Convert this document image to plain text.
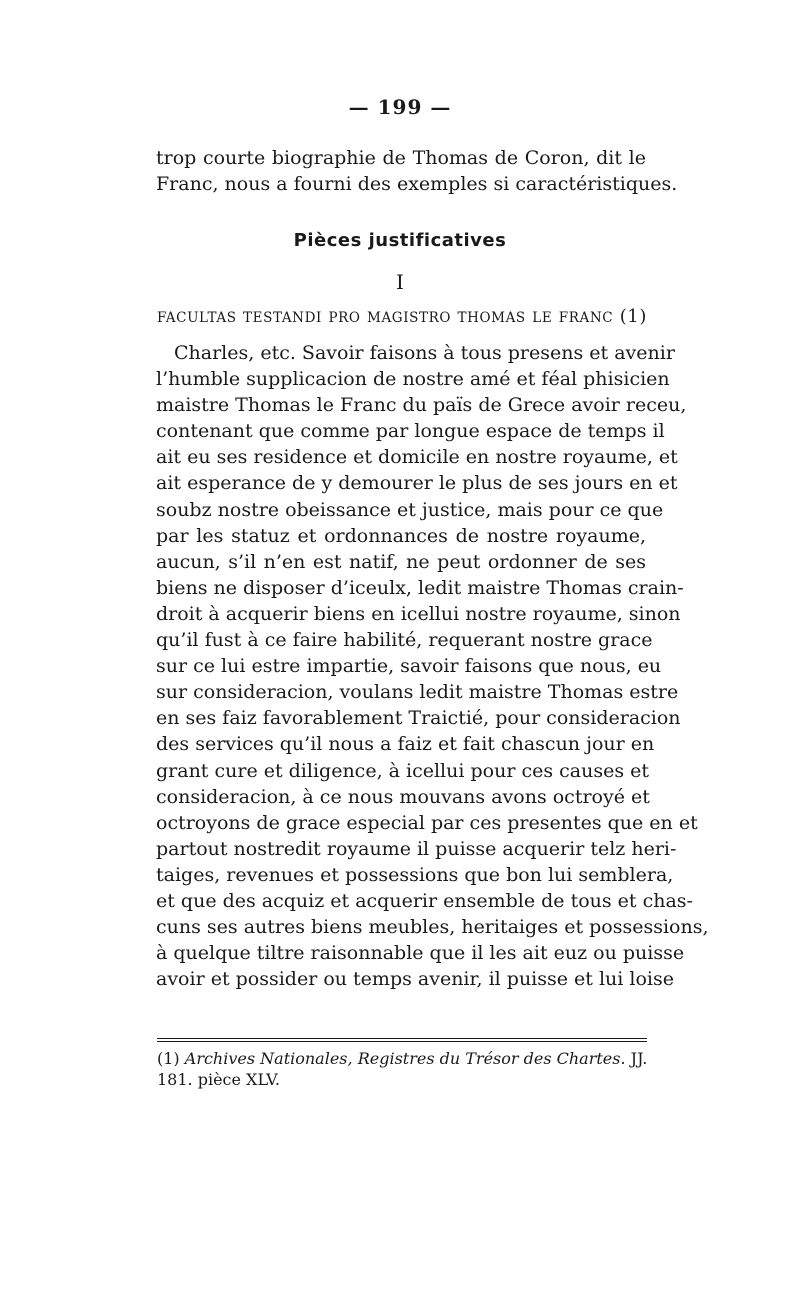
— 199 —
trop courte biographie de Thomas de Coron, dit le
Franc, nous a fourni des exemples si caractéristiques.
Pièces justificatives
I
FACULTAS TESTANDI PRO MAGISTRO THOMAS LE FRANC (1)
Charles, etc. Savoir faisons à tous presens et avenir
l’humble supplicacion de nostre amé et féal phisicien
maistre Thomas le Franc du païs de Grece avoir receu,
contenant que comme par longue espace de temps il
ait eu ses residence et domicile en nostre royaume, et
ait esperance de y demourer le plus de ses jours en et
soubz nostre obeissance et justice, mais pour ce que
par les statuz et ordonnances de nostre royaume,
aucun, s’il n’en est natif, ne peut ordonner de ses
biens ne disposer d’iceulx, ledit maistre Thomas crain-
droit à acquerir biens en icellui nostre royaume, sinon
qu’il fust à ce faire habilité, requerant nostre grace
sur ce lui estre impartie, savoir faisons que nous, eu
sur consideracion, voulans ledit maistre Thomas estre
en ses faiz favorablement Traictié, pour consideracion
des services qu’il nous a faiz et fait chascun jour en
grant cure et diligence, à icellui pour ces causes et
consideracion, à ce nous mouvans avons octroyé et
octroyons de grace especial par ces presentes que en et
partout nostredit royaume il puisse acquerir telz heri-
taiges, revenues et possessions que bon lui semblera,
et que des acquiz et acquerir ensemble de tous et chas-
cuns ses autres biens meubles, heritaiges et possessions,
à quelque tiltre raisonnable que il les ait euz ou puisse
avoir et possider ou temps avenir, il puisse et lui loise
(1) Archives Nationales, Registres du Trésor des Chartes. JJ.
181. pièce XLV.
